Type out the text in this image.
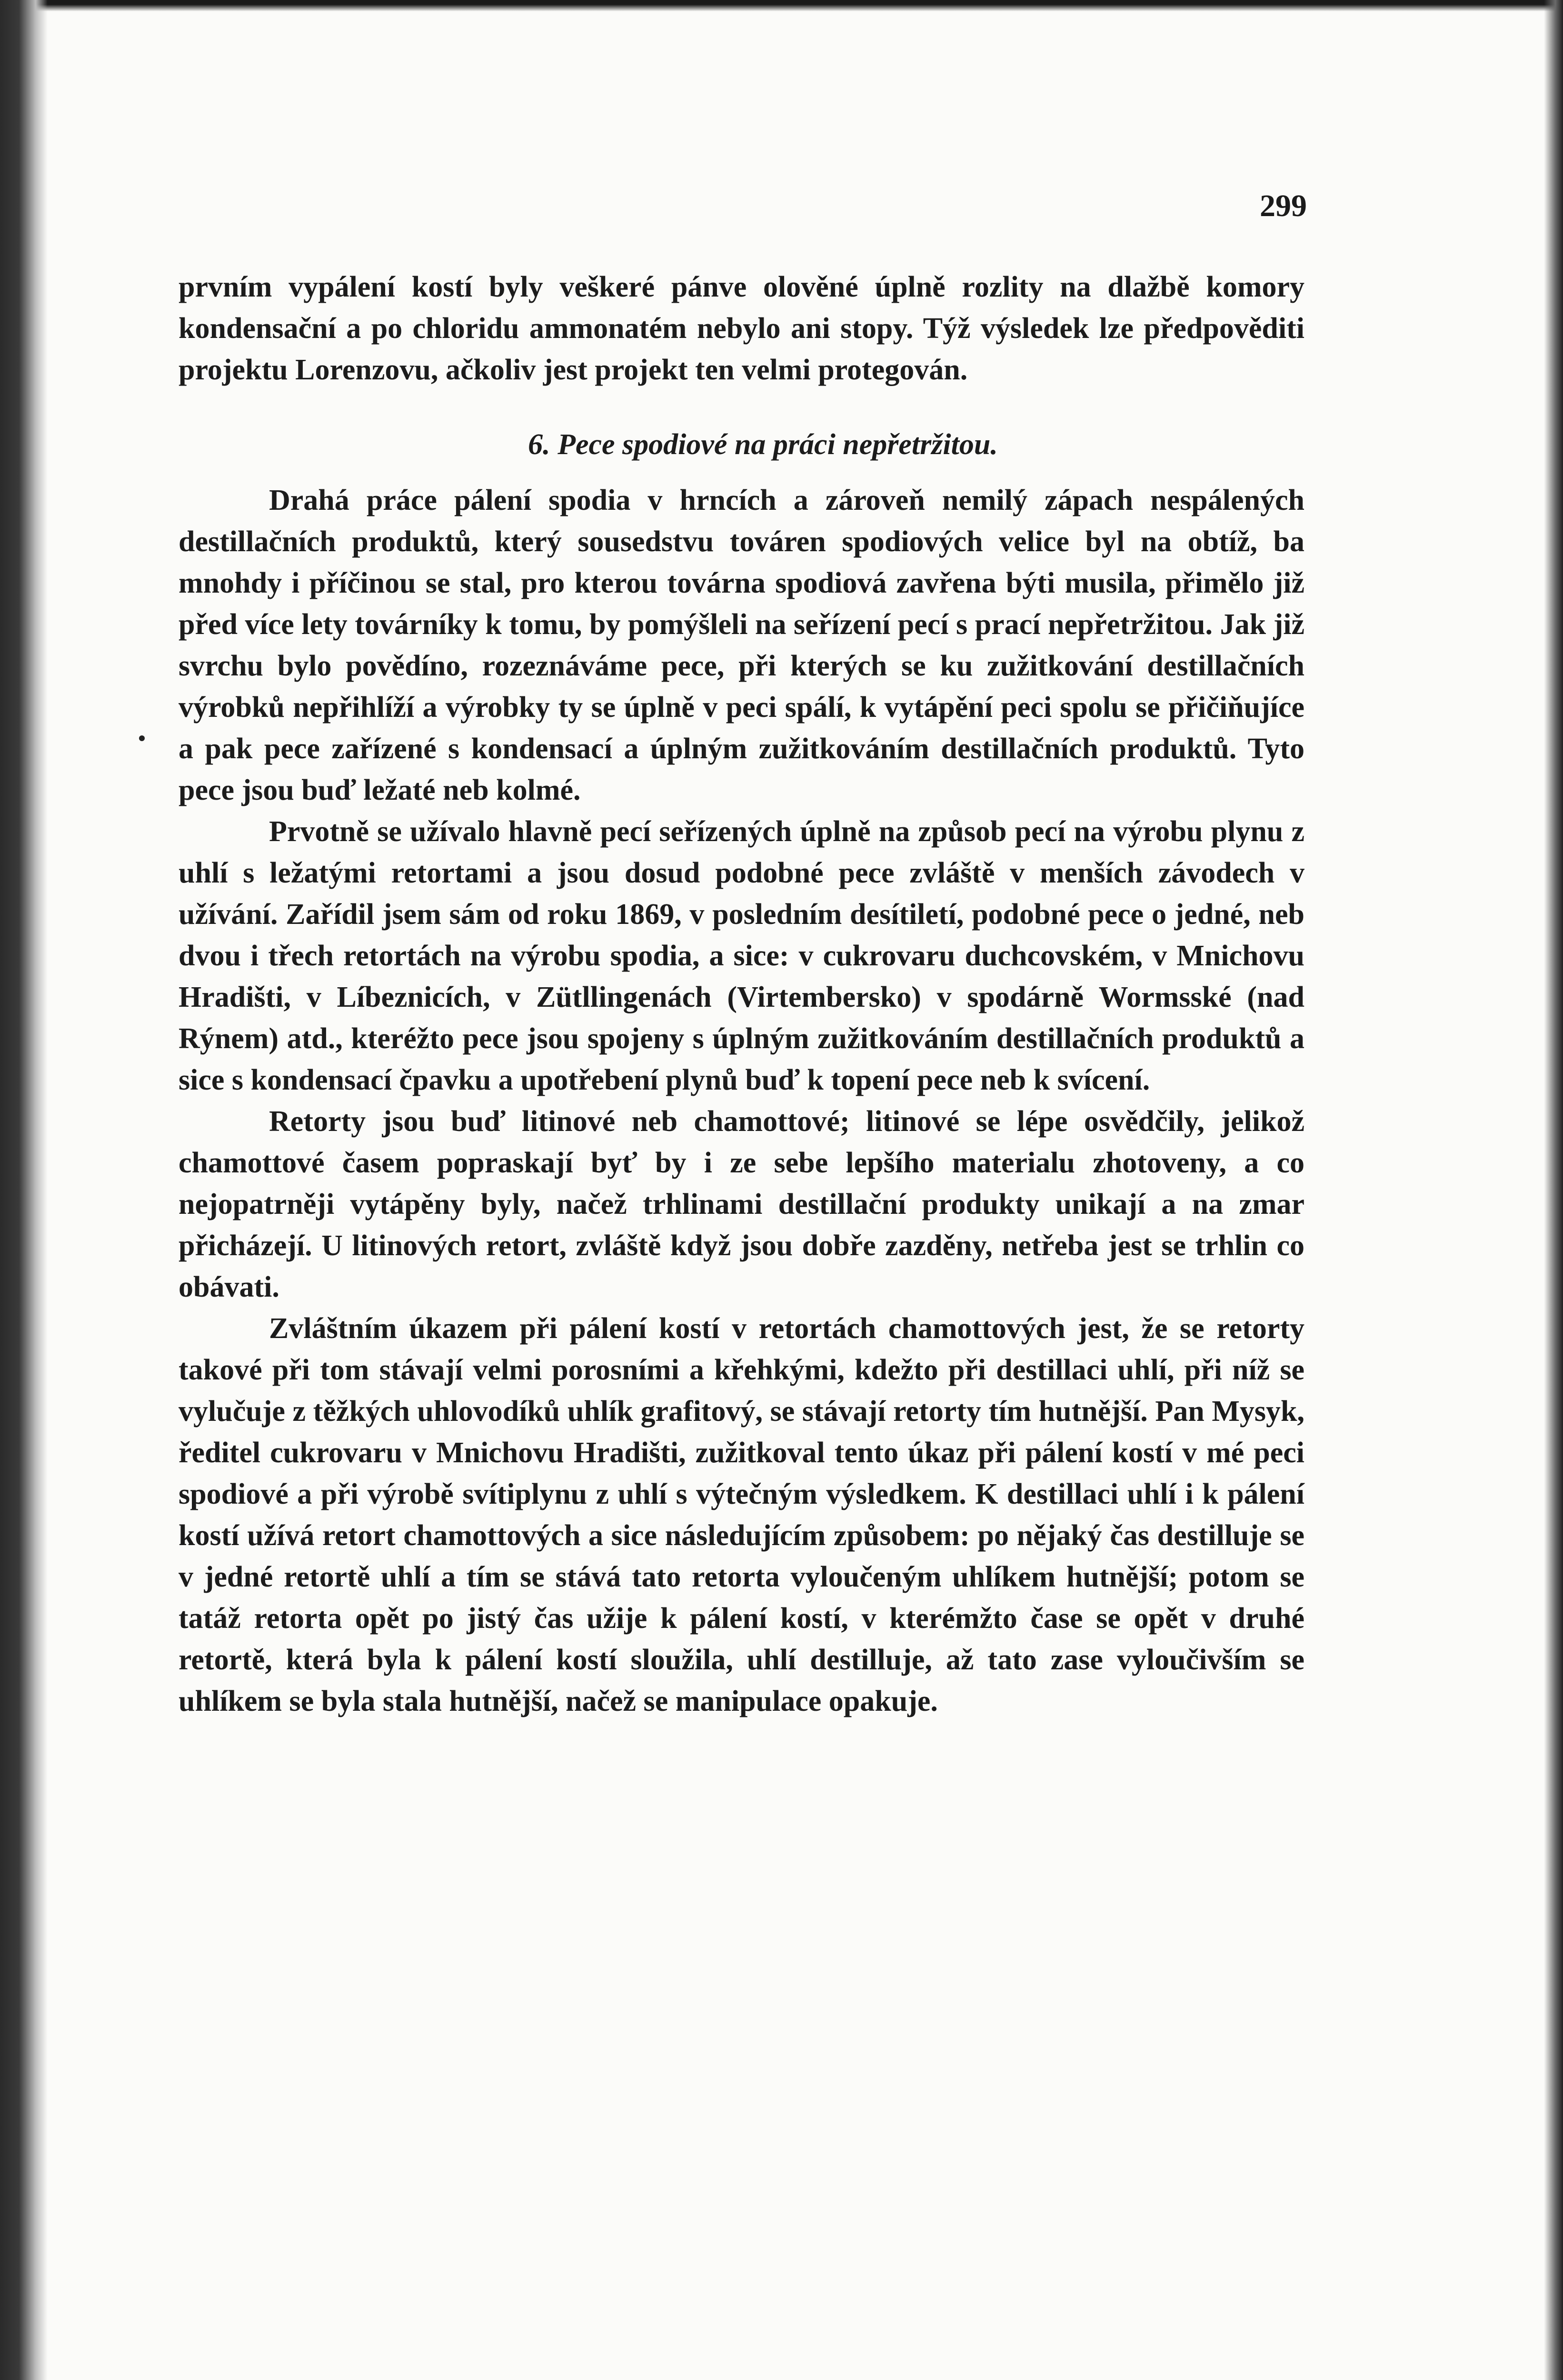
299

prvním vypálení kostí byly veškeré pánve olověné úplně rozlity na dlažbě komory kondensační a po chloridu ammonatém nebylo ani stopy. Týž výsledek lze předpověditi projektu Lorenzovu, ačkoliv jest projekt ten velmi protegován.

6. Pece spodiové na práci nepřetržitou.

Drahá práce pálení spodia v hrncích a zároveň nemilý zápach nespálených destillačních produktů, který sousedstvu továren spodiových velice byl na obtíž, ba mnohdy i příčinou se stal, pro kterou továrna spodiová zavřena býti musila, přimělo již před více lety továrníky k tomu, by pomýšleli na seřízení pecí s prací nepřetržitou. Jak již svrchu bylo povědíno, rozeznáváme pece, při kterých se ku zužitkování destillačních výrobků nepřihlíží a výrobky ty se úplně v peci spálí, k vytápění peci spolu se přičiňujíce a pak pece zařízené s kondensací a úplným zužitkováním destillačních produktů. Tyto pece jsou buď ležaté neb kolmé.

Prvotně se užívalo hlavně pecí seřízených úplně na způsob pecí na výrobu plynu z uhlí s ležatými retortami a jsou dosud podobné pece zvláště v menších závodech v užívání. Zařídil jsem sám od roku 1869, v posledním desítiletí, podobné pece o jedné, neb dvou i třech retortách na výrobu spodia, a sice: v cukrovaru duchcovském, v Mnichovu Hradišti, v Líbeznicích, v Zütllingenách (Virtembersko) v spodárně Wormsské (nad Rýnem) atd., kteréžto pece jsou spojeny s úplným zužitkováním destillačních produktů a sice s kondensací čpavku a upotřebení plynů buď k topení pece neb k svícení.

Retorty jsou buď litinové neb chamottové; litinové se lépe osvědčily, jelikož chamottové časem popraskají byť by i ze sebe lepšího materialu zhotoveny, a co nejopatrněji vytápěny byly, načež trhlinami destillační produkty unikají a na zmar přicházejí. U litinových retort, zvláště když jsou dobře zazděny, netřeba jest se trhlin co obávati.

Zvláštním úkazem při pálení kostí v retortách chamottových jest, že se retorty takové při tom stávají velmi porosními a křehkými, kdežto při destillaci uhlí, při níž se vylučuje z těžkých uhlovodíků uhlík grafitový, se stávají retorty tím hutnější. Pan Mysyk, ředitel cukrovaru v Mnichovu Hradišti, zužitkoval tento úkaz při pálení kostí v mé peci spodiové a při výrobě svítiplynu z uhlí s výtečným výsledkem. K destillaci uhlí i k pálení kostí užívá retort chamottových a sice následujícím způsobem: po nějaký čas destilluje se v jedné retortě uhlí a tím se stává tato retorta vyloučeným uhlíkem hutnější; potom se tatáž retorta opět po jistý čas užije k pálení kostí, v kterémžto čase se opět v druhé retortě, která byla k pálení kostí sloužila, uhlí destilluje, až tato zase vyloučivším se uhlíkem se byla stala hutnější, načež se manipulace opakuje.
